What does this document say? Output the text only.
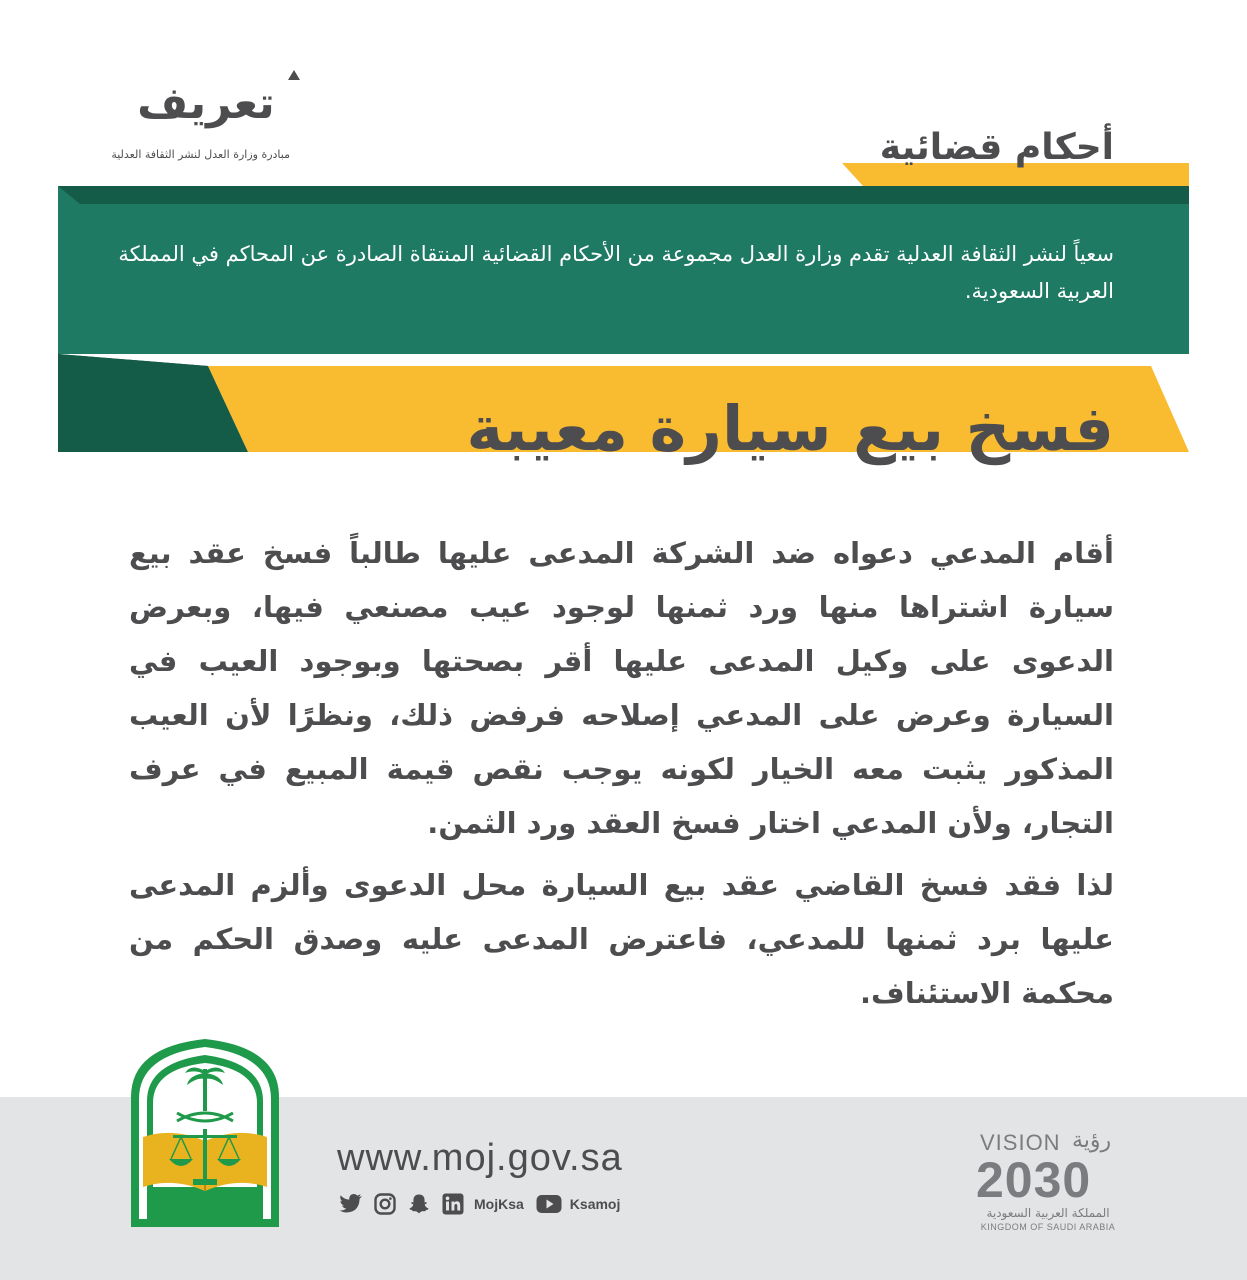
تعريف
مبادرة وزارة العدل لنشر الثقافة العدلية	أحكام قضائية
سعياً لنشر الثقافة العدلية تقدم وزارة العدل مجموعة من الأحكام القضائية المنتقاة الصادرة عن المحاكم في المملكة العربية السعودية.
فسخ بيع سيارة معيبة
أقام المدعي دعواه ضد الشركة المدعى عليها طالباً فسخ عقد بيع سيارة اشتراها منها ورد ثمنها لوجود عيب مصنعي فيها، وبعرض الدعوى على وكيل المدعى عليها أقر بصحتها وبوجود العيب في السيارة وعرض على المدعي إصلاحه فرفض ذلك، ونظرًا لأن العيب المذكور يثبت معه الخيار لكونه يوجب نقص قيمة المبيع في عرف التجار، ولأن المدعي اختار فسخ العقد ورد الثمن.
لذا فقد فسخ القاضي عقد بيع السيارة محل الدعوى وألزم المدعى عليها برد ثمنها للمدعي، فاعترض المدعى عليه وصدق الحكم من محكمة الاستئناف.
www.moj.gov.sa
MojKsa	Ksamoj
VISION رؤية
2030
المملكة العربية السعودية
KINGDOM OF SAUDI ARABIA
